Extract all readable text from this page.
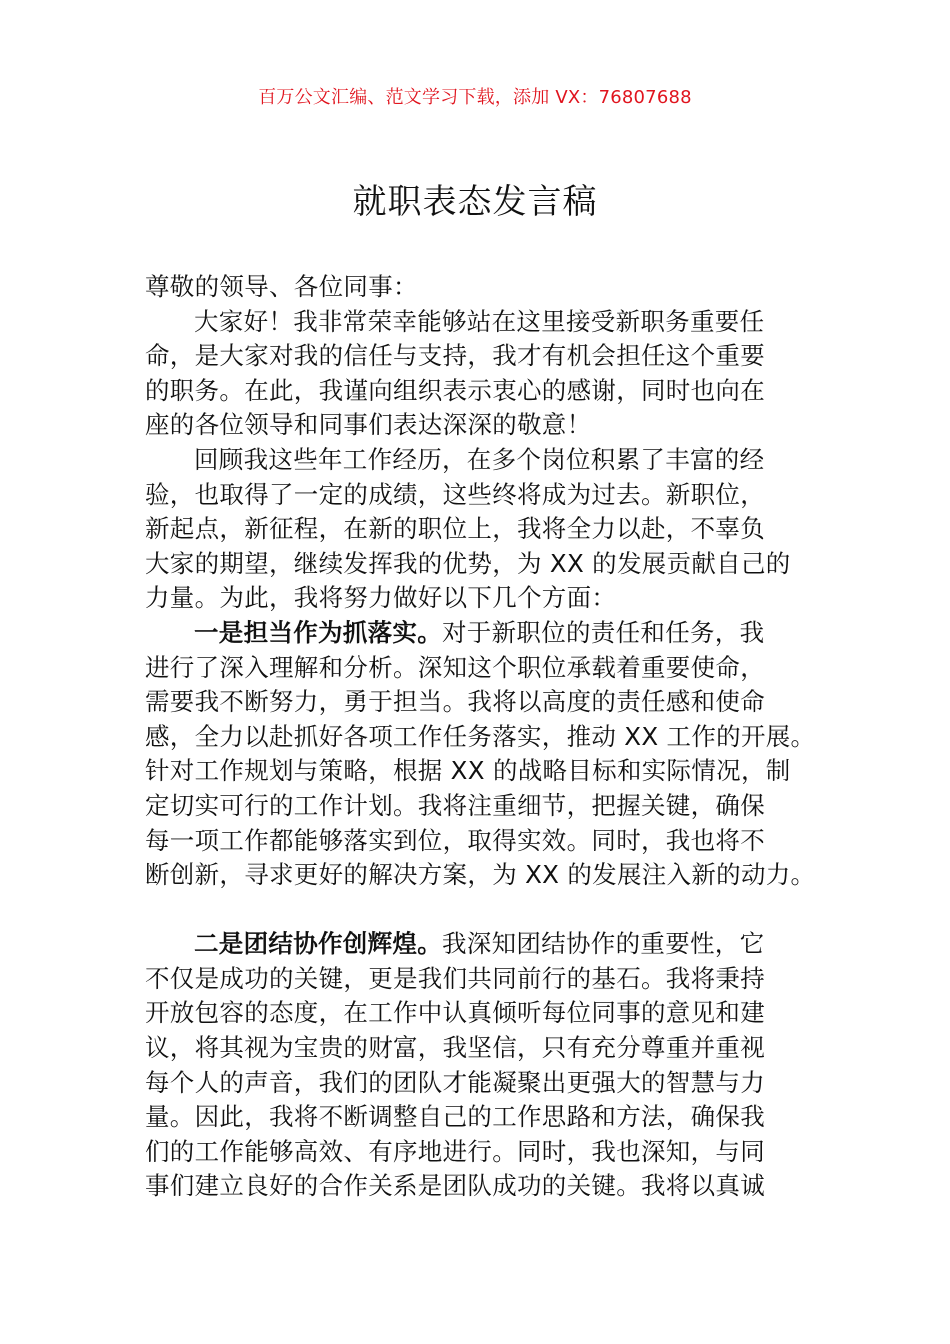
百万公文汇编、范文学习下载，添加 VX：76807688
就职表态发言稿
尊敬的领导、各位同事：
大家好！我非常荣幸能够站在这里接受新职务重要任
命，是大家对我的信任与支持，我才有机会担任这个重要
的职务。在此，我谨向组织表示衷心的感谢，同时也向在
座的各位领导和同事们表达深深的敬意！
回顾我这些年工作经历，在多个岗位积累了丰富的经
验，也取得了一定的成绩，这些终将成为过去。新职位，
新起点，新征程，在新的职位上，我将全力以赴，不辜负
大家的期望，继续发挥我的优势，为 XX 的发展贡献自己的
力量。为此，我将努力做好以下几个方面：
一是担当作为抓落实。对于新职位的责任和任务，我
进行了深入理解和分析。深知这个职位承载着重要使命，
需要我不断努力，勇于担当。我将以高度的责任感和使命
感，全力以赴抓好各项工作任务落实，推动 XX 工作的开展。
针对工作规划与策略，根据 XX 的战略目标和实际情况，制
定切实可行的工作计划。我将注重细节，把握关键，确保
每一项工作都能够落实到位，取得实效。同时，我也将不
断创新，寻求更好的解决方案，为 XX 的发展注入新的动力。
二是团结协作创辉煌。我深知团结协作的重要性，它
不仅是成功的关键，更是我们共同前行的基石。我将秉持
开放包容的态度，在工作中认真倾听每位同事的意见和建
议，将其视为宝贵的财富，我坚信，只有充分尊重并重视
每个人的声音，我们的团队才能凝聚出更强大的智慧与力
量。因此，我将不断调整自己的工作思路和方法，确保我
们的工作能够高效、有序地进行。同时，我也深知，与同
事们建立良好的合作关系是团队成功的关键。我将以真诚
